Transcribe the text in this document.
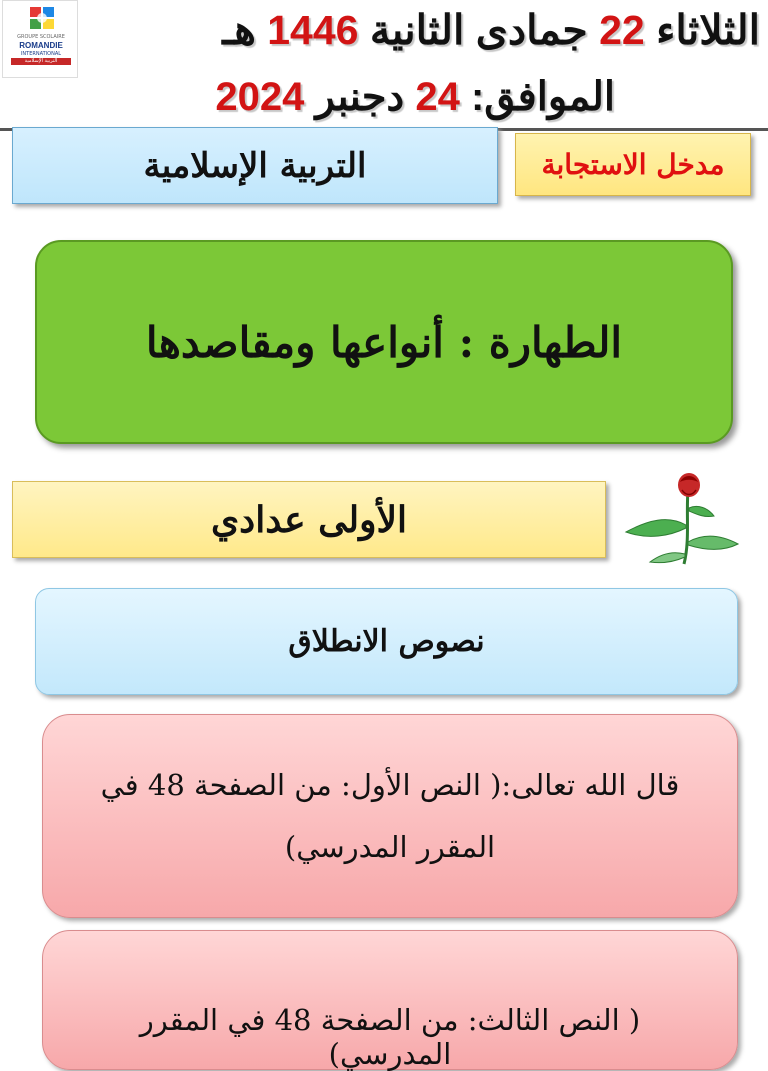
الثلاثاء 22 جمادى الثانية 1446 هـ
الموافق: 24 دجنبر 2024
GROUPE SCOLAIRE
ROMANDIE
INTERNATIONAL
التربية الإسلامية
التربية الإسلامية	مدخل الاستجابة
الطهارة : أنواعها ومقاصدها
الأولى عدادي
نصوص الانطلاق
قال الله تعالى:( النص الأول: من الصفحة 48 في المقرر المدرسي)
( النص الثالث: من الصفحة 48 في المقرر المدرسي)
